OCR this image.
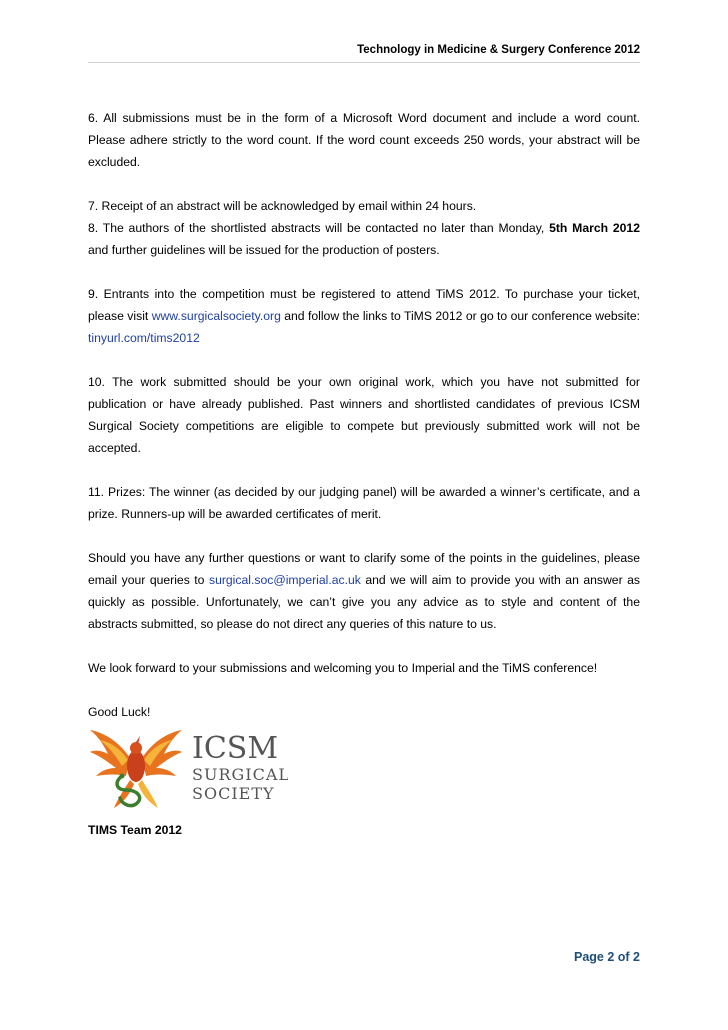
Technology in Medicine & Surgery Conference 2012

6. All submissions must be in the form of a Microsoft Word document and include a word count. Please adhere strictly to the word count. If the word count exceeds 250 words, your abstract will be excluded.

7. Receipt of an abstract will be acknowledged by email within 24 hours.

8. The authors of the shortlisted abstracts will be contacted no later than Monday, 5th March 2012 and further guidelines will be issued for the production of posters.

9. Entrants into the competition must be registered to attend TiMS 2012. To purchase your ticket, please visit www.surgicalsociety.org and follow the links to TiMS 2012 or go to our conference website: tinyurl.com/tims2012

10. The work submitted should be your own original work, which you have not submitted for publication or have already published. Past winners and shortlisted candidates of previous ICSM Surgical Society competitions are eligible to compete but previously submitted work will not be accepted.

11. Prizes: The winner (as decided by our judging panel) will be awarded a winner’s certificate, and a prize. Runners-up will be awarded certificates of merit.

Should you have any further questions or want to clarify some of the points in the guidelines, please email your queries to surgical.soc@imperial.ac.uk and we will aim to provide you with an answer as quickly as possible. Unfortunately, we can’t give you any advice as to style and content of the abstracts submitted, so please do not direct any queries of this nature to us.

We look forward to your submissions and welcoming you to Imperial and the TiMS conference!

Good Luck!

ICSM
SURGICAL
SOCIETY
TIMS Team 2012
Page 2 of 2
